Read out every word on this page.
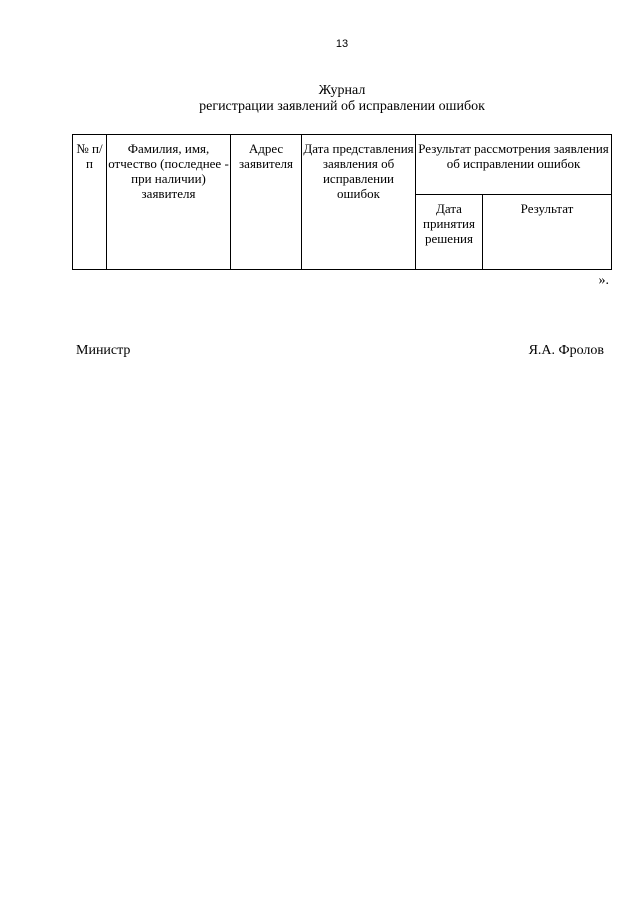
13
Журнал
регистрации заявлений об исправлении ошибок
№ п/п	Фамилия, имя, отчество (последнее - при наличии) заявителя	Адрес заявителя	Дата представления заявления об исправлении ошибок	Результат рассмотрения заявления об исправлении ошибок	
				Дата принятия решения	Результат
».
Министр	Я.А. Фролов
